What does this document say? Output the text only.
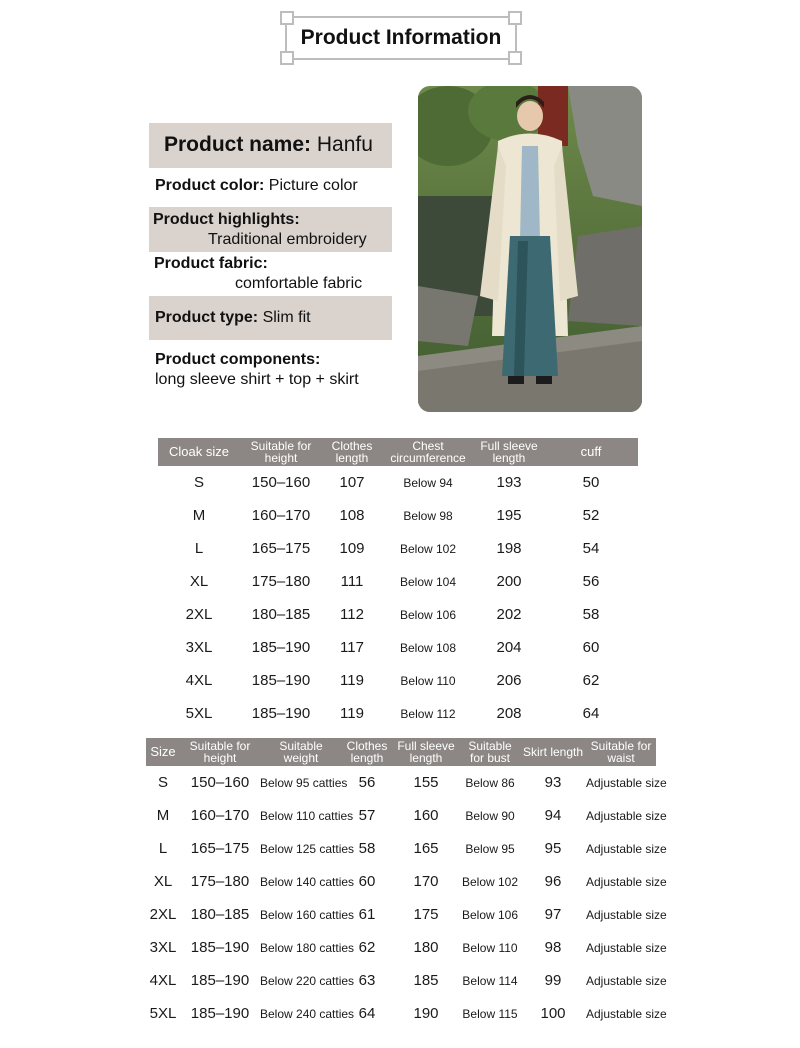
Product Information
Product name: Hanfu
Product color: Picture color
Product highlights:
Traditional embroidery
Product fabric:
comfortable fabric
Product type: Slim fit
Product components:
long sleeve shirt + top + skirt
Cloak size	Suitable for height	Clothes length	Chest circumference	Full sleeve length	cuff
S	150–160	107	Below 94	193	50
M	160–170	108	Below 98	195	52
L	165–175	109	Below 102	198	54
XL	175–180	111	Below 104	200	56
2XL	180–185	112	Below 106	202	58
3XL	185–190	117	Below 108	204	60
4XL	185–190	119	Below 110	206	62
5XL	185–190	119	Below 112	208	64
Size	Suitable for height	Suitable weight	Clothes length	Full sleeve length	Suitable for bust	Skirt length	Suitable for waist
S	150–160	Below 95 catties	56	155	Below 86	93	Adjustable size
M	160–170	Below 110 catties	57	160	Below 90	94	Adjustable size
L	165–175	Below 125 catties	58	165	Below 95	95	Adjustable size
XL	175–180	Below 140 catties	60	170	Below 102	96	Adjustable size
2XL	180–185	Below 160 catties	61	175	Below 106	97	Adjustable size
3XL	185–190	Below 180 catties	62	180	Below 110	98	Adjustable size
4XL	185–190	Below 220 catties	63	185	Below 114	99	Adjustable size
5XL	185–190	Below 240 catties	64	190	Below 115	100	Adjustable size
